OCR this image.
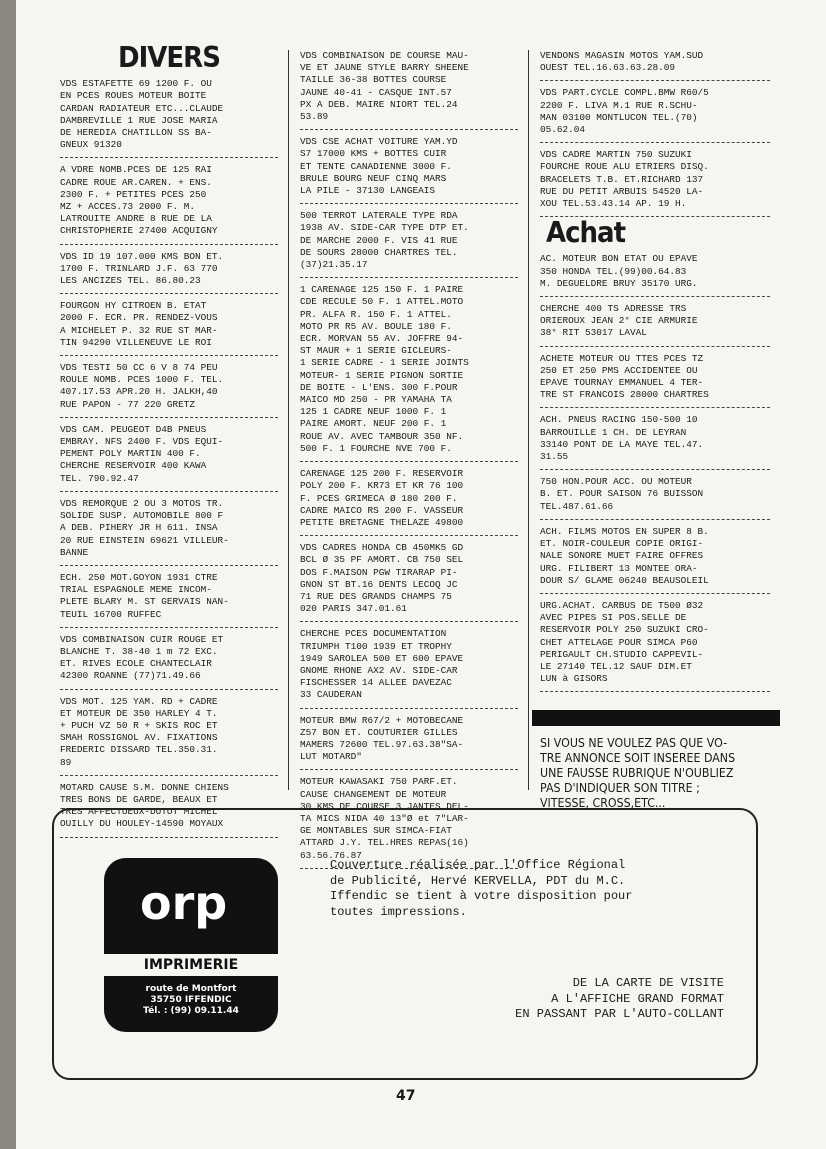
DIVERS
VDS ESTAFETTE 69 1200 F. OU
EN PCES ROUES MOTEUR BOITE
CARDAN RADIATEUR ETC...CLAUDE
DAMBREVILLE 1 RUE JOSE MARIA
DE HEREDIA CHATILLON SS BA-
GNEUX 91320
A VDRE NOMB.PCES DE 125 RAI
CADRE ROUE AR.CAREN. + ENS.
2300 F. + PETITES PCES 250
MZ + ACCES.73 2000 F. M.
LATROUITE ANDRE 8 RUE DE LA
CHRISTOPHERIE 27400 ACQUIGNY
VDS ID 19 107.000 KMS BON ET.
1700 F. TRINLARD J.F. 63 770
LES ANCIZES TEL. 86.80.23
FOURGON HY CITROEN B. ETAT
2000 F. ECR. PR. RENDEZ-VOUS
A MICHELET P. 32 RUE ST MAR-
TIN 94290 VILLENEUVE LE ROI
VDS TESTI 50 CC 6 V 8 74 PEU
ROULE NOMB. PCES 1000 F. TEL.
407.17.53 APR.20 H. JALKH,40
RUE PAPON - 77 220 GRETZ
VDS CAM. PEUGEOT D4B PNEUS
EMBRAY. NFS 2400 F. VDS EQUI-
PEMENT POLY MARTIN 400 F.
CHERCHE RESERVOIR 400 KAWA
TEL. 790.92.47
VDS REMORQUE 2 OU 3 MOTOS TR.
SOLIDE SUSP. AUTOMOBILE 800 F
A DEB. PIHERY JR H 611. INSA
20 RUE EINSTEIN 69621 VILLEUR-
BANNE
ECH. 250 MOT.GOYON 1931 CTRE
TRIAL ESPAGNOLE MEME INCOM-
PLETE BLARY M. ST GERVAIS NAN-
TEUIL 16700 RUFFEC
VDS COMBINAISON CUIR ROUGE ET
BLANCHE T. 38-40 1 m 72 EXC.
ET. RIVES ECOLE CHANTECLAIR
42300 ROANNE (77)71.49.66
VDS MOT. 125 YAM. RD + CADRE
ET MOTEUR DE 350 HARLEY 4 T.
+ PUCH VZ 50 R + SKIS ROC ET
SMAH ROSSIGNOL AV. FIXATIONS
FREDERIC DISSARD TEL.350.31.
89
MOTARD CAUSE S.M. DONNE CHIENS
TRES BONS DE GARDE, BEAUX ET
TRES AFFECTUEUX-DUTOT MICHEL
OUILLY DU HOULEY-14590 MOYAUX
VDS COMBINAISON DE COURSE MAU-
VE ET JAUNE STYLE BARRY SHEENE
TAILLE 36-38 BOTTES COURSE
JAUNE 40-41 - CASQUE INT.57
PX A DEB. MAIRE NIORT TEL.24
53.89
VDS CSE ACHAT VOITURE YAM.YD
S7 17000 KMS + BOTTES CUIR
ET TENTE CANADIENNE 3000 F.
BRULE BOURG NEUF CINQ MARS
LA PILE - 37130 LANGEAIS
500 TERROT LATERALE TYPE RDA
1938 AV. SIDE-CAR TYPE DTP ET.
DE MARCHE 2000 F. VIS 41 RUE
DE SOURS 28000 CHARTRES TEL.
(37)21.35.17
1 CARENAGE 125 150 F. 1 PAIRE
CDE RECULE 50 F. 1 ATTEL.MOTO
PR. ALFA R. 150 F. 1 ATTEL.
MOTO PR R5 AV. BOULE 180 F.
ECR. MORVAN 55 AV. JOFFRE 94-
ST MAUR + 1 SERIE GICLEURS-
1 SERIE CADRE - 1 SERIE JOINTS
MOTEUR- 1 SERIE PIGNON SORTIE
DE BOITE - L'ENS. 300 F.POUR
MAICO MD 250 - PR YAMAHA TA
125 1 CADRE NEUF 1000 F. 1
PAIRE AMORT. NEUF 200 F. 1
ROUE AV. AVEC TAMBOUR 350 NF.
500 F. 1 FOURCHE NVE 700 F.
CARENAGE 125 200 F. RESERVOIR
POLY 200 F. KR73 ET KR 76 100
F. PCES GRIMECA Ø 180 200 F.
CADRE MAICO RS 200 F. VASSEUR
PETITE BRETAGNE THELAZE 49800
VDS CADRES HONDA CB 450MK5 GD
BCL Ø 35 PF AMORT. CB 750 SEL
DOS F.MAISON PGW TIRARAP PI-
GNON ST BT.16 DENTS LECOQ JC
71 RUE DES GRANDS CHAMPS 75
020 PARIS 347.01.61
CHERCHE PCES DOCUMENTATION
TRIUMPH T100 1939 ET TROPHY
1949 SAROLEA 500 ET 600 EPAVE
GNOME RHONE AX2 AV. SIDE-CAR
FISCHESSER 14 ALLEE DAVEZAC
33 CAUDERAN
MOTEUR BMW R67/2 + MOTOBECANE
Z57 BON ET. COUTURIER GILLES
MAMERS 72600 TEL.97.63.38"SA-
LUT MOTARD"
MOTEUR KAWASAKI 750 PARF.ET.
CAUSE CHANGEMENT DE MOTEUR
30 KMS DE COURSE 3 JANTES DEL-
TA MICS NIDA 40 13"Ø et 7"LAR-
GE MONTABLES SUR SIMCA-FIAT
ATTARD J.Y. TEL.HRES REPAS(16)
63.56.76.87
VENDONS MAGASIN MOTOS YAM.SUD
OUEST TEL.16.63.63.28.09
VDS PART.CYCLE COMPL.BMW R60/5
2200 F. LIVA M.1 RUE R.SCHU-
MAN 03100 MONTLUCON TEL.(70)
05.62.04
VDS CADRE MARTIN 750 SUZUKI
FOURCHE ROUE ALU ETRIERS DISQ.
BRACELETS T.B. ET.RICHARD 137
RUE DU PETIT ARBUIS 54520 LA-
XOU TEL.53.43.14 AP. 19 H.
Achat
AC. MOTEUR BON ETAT OU EPAVE
350 HONDA TEL.(99)00.64.83
M. DEGUELDRE BRUY 35170 URG.
CHERCHE 400 TS ADRESSE TRS
ORIEROUX JEAN 2° CIE ARMURIE
38° RIT 53017 LAVAL
ACHETE MOTEUR OU TTES PCES TZ
250 ET 250 PMS ACCIDENTEE OU
EPAVE TOURNAY EMMANUEL 4 TER-
TRE ST FRANCOIS 28000 CHARTRES
ACH. PNEUS RACING 150-500 10
BARROUILLE 1 CH. DE LEYRAN
33140 PONT DE LA MAYE TEL.47.
31.55
750 HON.POUR ACC. OU MOTEUR
B. ET. POUR SAISON 76 BUISSON
TEL.487.61.66
ACH. FILMS MOTOS EN SUPER 8 B.
ET. NOIR-COULEUR COPIE ORIGI-
NALE SONORE MUET FAIRE OFFRES
URG. FILIBERT 13 MONTEE ORA-
DOUR S/ GLAME 06240 BEAUSOLEIL
URG.ACHAT. CARBUS DE T500 Ø32
AVEC PIPES SI POS.SELLE DE
RESERVOIR POLY 250 SUZUKI CRO-
CHET ATTELAGE POUR SIMCA P60
PERIGAULT CH.STUDIO CAPPEVIL-
LE 27140 TEL.12 SAUF DIM.ET
LUN à GISORS
SI VOUS NE VOULEZ PAS QUE VO-
TRE ANNONCE SOIT INSEREE DANS
UNE FAUSSE RUBRIQUE N'OUBLIEZ
PAS D'INDIQUER SON TITRE ;
VITESSE, CROSS,ETC...
orp
IMPRIMERIE
route de Montfort
35750 IFFENDIC
Tél. : (99) 09.11.44
Couverture réalisée par l'Office Régional
de Publicité, Hervé KERVELLA, PDT du M.C.
Iffendic se tient à votre disposition pour
toutes impressions.
DE LA CARTE DE VISITE
A L'AFFICHE GRAND FORMAT
EN PASSANT PAR L'AUTO-COLLANT
47
